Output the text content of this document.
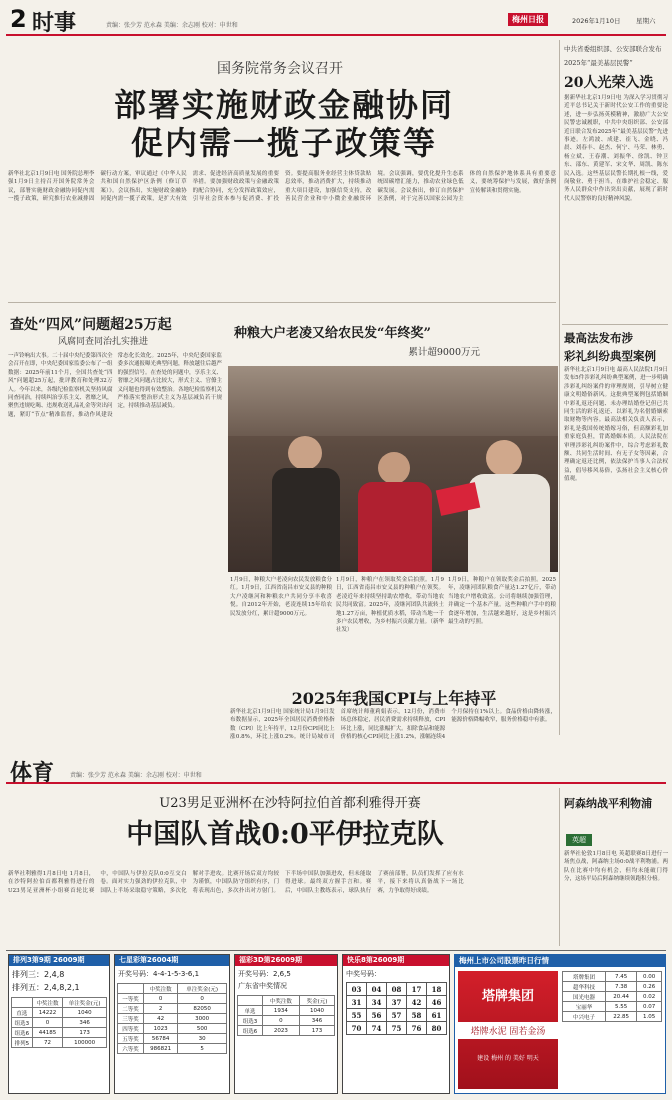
2 时事	责编：张少芳 范永森 美编：余志刚 校对：申世和
梅州日报	2026年1月10日 星期六
国务院常务会议召开
部署实施财政金融协同
促内需一揽子政策等
新华社北京1月9日电 国务院总理李强1月9日主持召开国务院常务会议，部署实施财政金融协同促内需一揽子政策，研究推行农业减排固碳行动方案，审议通过《中华人民共和国自然保护区条例（修订草案）》。会议指出，实施财政金融协同促内需一揽子政策，是扩大有效需求、促进经济高质量发展的重要举措。要加强财政政策与金融政策的配合协同，充分发挥政策效应，引导社会资本参与促消费、扩投资。要提高服务业经营主体贷款贴息效率，推动消费扩大，持续推动重大项目建设，加强信贷支持，改善民营企业和中小微企业融资环境。会议强调，要优化提升生态系统固碳增汇能力，推动农业绿色低碳发展。会议指出，修订自然保护区条例，对于完善以国家公园为主体的自然保护地体系具有重要意义，要统筹保护与发展，做好条例宣传解读和贯彻实施。
中共省委组织部、公安部联合发布
2025年“最美基层民警”
20人光荣入选
据新华社北京1月9日电 为深入学习贯彻习近平总书记关于新时代公安工作的重要论述，进一步弘扬英模精神，激励广大公安民警忠诚履职，中共中央组织部、公安部近日联合发布2025年“最美基层民警”先进事迹。左鸿波、成建、崔飞、金晓、冯晨、刘春丰、赵杰、何宁、马荣、林勇、杨立斌、王春潮、刘振华、徐凯、钟卫东、邵东、黄建军、宋文华、周凯、陈东民入选。这些基层民警长期扎根一线，爱岗敬业、勇于担当，在维护社会稳定、服务人民群众中作出突出贡献，展现了新时代人民警察的良好精神风貌。
查处“四风”问题超25万起
风腐同查同治扎实推进
一声铃响出大事。二十届中央纪委第四次全会召开在即，中央纪委国家监委公布了一组数据：2025年前11个月，全国共查处“四风”问题超25万起，批评教育和处理32万人。今年以来，各级纪检监察机关坚持风腐同查同治，持续纠治享乐主义、奢靡之风，聚焦违规吃喝、违规收送礼品礼金等突出问题，紧盯“节点”精准监督，推动作风建设常态化长效化。2025年，中央纪委国家监委多次通报曝光典型问题，释放越往后越严的强烈信号。在查处的问题中，享乐主义、奢靡之风问题占比较大，形式主义、官僚主义问题也得到有效整治。各地纪检监察机关严格落实整治形式主义为基层减负若干规定，持续推动基层减负。
种粮大户老凌又给农民发“年终奖”
累计超9000万元
1月9日，种粮大户老凌向农民发放粮食分红。1月9日，江西省南昌市安义县的种粮大户凌继河和种粮农户共同分享丰收喜悦。自2012年开始，老凌连续15年给农民发放分红，累计超9000万元。
1月9日，种粮户在领取奖金后拍照。1月9日，江西省南昌市安义县的种粮户在领奖。老凌近年来持续坚持助农增收，带动当地农民共同致富。2025年，凌继河团队共流转土地1.27万亩，种植优质水稻，带动当地一千多户农民增收，为乡村振兴贡献力量。（新华社发）
1月9日，种粮户在领取奖金后拍照。2025年，凌继河团队粮食产量达1.27亿斤，带动当地农户增收致富。公司将继续加强管理，并确定一个基本产量。这些种粮户手中的粮食逐年增加，生活越来越好，这是乡村振兴最生动的写照。
2025年我国CPI与上年持平
新华社北京1月9日电 国家统计局1月9日发布数据显示，2025年全国居民消费价格指数（CPI）比上年持平，12月份CPI同比上涨0.8%，环比上涨0.2%。统计局城市司首席统计师董莉娟表示，12月份，消费市场总体稳定，居民消费需求持续释放，CPI环比上涨，同比涨幅扩大。扣除食品和能源价格的核心CPI同比上涨1.2%，涨幅连续4个月保持在1%以上。食品价格由降转涨，能源价格降幅收窄，服务价格稳中有涨。
最高法发布涉
彩礼纠纷典型案例
新华社北京1月9日电 最高人民法院1月9日发布5件涉彩礼纠纷典型案例，进一步明确涉彩礼纠纷案件的审理规则，引导树立健康文明婚俗新风。这批典型案例包括婚姻中彩礼返还问题、未办理结婚登记但已共同生活的彩礼返还、以彩礼为名借婚姻索取财物等内容。最高法相关负责人表示，彩礼是我国传统婚嫁习俗，但高额彩礼加重家庭负担，背离婚姻本质。人民法院在审理涉彩礼纠纷案件中，综合考虑彩礼数额、共同生活时间、有无子女等因素，合理确定返还比例，依法保护当事人合法权益，倡导移风易俗，弘扬社会主义核心价值观。
体育	责编：张少芳 范永森 美编：余志刚 校对：申世和
U23男足亚洲杯在沙特阿拉伯首都利雅得开赛
中国队首战0:0平伊拉克队
新华社利雅得1月8日电 1月8日，在沙特阿拉伯首都利雅得进行的U23男足亚洲杯小组赛首轮比赛中，中国队与伊拉克队0:0互交白卷。面对实力强劲的伊拉克队，中国队上半场采取稳守策略，多次化解对手进攻。比赛开场后双方均较为谨慎，中国队防守组织有序，门将表现出色，多次扑出对方射门。下半场中国队加强进攻，但未能取得进球。最终双方握手言和。赛后，中国队主教练表示，球队执行了赛前部署，队员们发挥了应有水平，接下来将认真备战下一场比赛，力争取得好成绩。
阿森纳战平利物浦
英超
新华社伦敦1月8日电 英超联赛8日进行一场焦点战，阿森纳主场0:0战平利物浦。两队在比赛中均有机会，但均未能破门得分，这场平局后阿森纳继续领跑积分榜。
排列3第9期 26009期
排列三：2,4,8
排列五：2,4,8,2,1
	中奖注数	单注奖金(元)
直选	14222	1040
组选3	0	346
组选6	44185	173
排列5	72	100000
七星彩第26004期
开奖号码：4-4-1-5-3-6,1
	中奖注数	单注奖金(元)
一等奖	0	0
二等奖	2	82050
三等奖	42	3000
四等奖	1023	500
五等奖	56784	30
六等奖	986821	5
福彩3D第26009期
开奖号码：2,6,5
广东省中奖情况
	中奖注数	奖金(元)
单选	1934	1040
组选3	0	346
组选6	2023	173
快乐8第26009期
中奖号码：
03	04	08	17	18
31	34	37	42	46
55	56	57	58	61
70	74	75	76	80
梅州上市公司股票昨日行情
塔牌集团
塔牌水泥 固若金汤
建设 梅州 的 美好 明天
塔牌集团	7.45	0.00
超华科技	7.38	0.26
国光电器	20.44	0.02
宝丽华	5.55	0.07
中兴电子	22.85	1.05
